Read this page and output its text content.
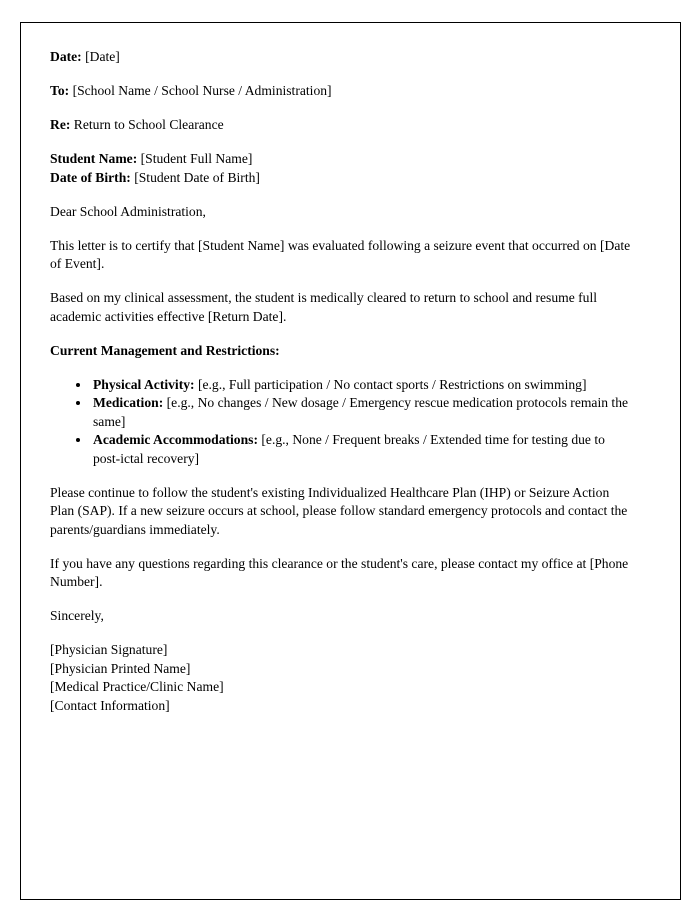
Date: [Date]

To: [School Name / School Nurse / Administration]

Re: Return to School Clearance

Student Name: [Student Full Name]
Date of Birth: [Student Date of Birth]

Dear School Administration,

This letter is to certify that [Student Name] was evaluated following a seizure event that occurred on [Date of Event].

Based on my clinical assessment, the student is medically cleared to return to school and resume full academic activities effective [Return Date].

Current Management and Restrictions:

• Physical Activity: [e.g., Full participation / No contact sports / Restrictions on swimming]
• Medication: [e.g., No changes / New dosage / Emergency rescue medication protocols remain the same]
• Academic Accommodations: [e.g., None / Frequent breaks / Extended time for testing due to post-ictal recovery]

Please continue to follow the student's existing Individualized Healthcare Plan (IHP) or Seizure Action Plan (SAP). If a new seizure occurs at school, please follow standard emergency protocols and contact the parents/guardians immediately.

If you have any questions regarding this clearance or the student's care, please contact my office at [Phone Number].

Sincerely,

[Physician Signature]
[Physician Printed Name]
[Medical Practice/Clinic Name]
[Contact Information]
